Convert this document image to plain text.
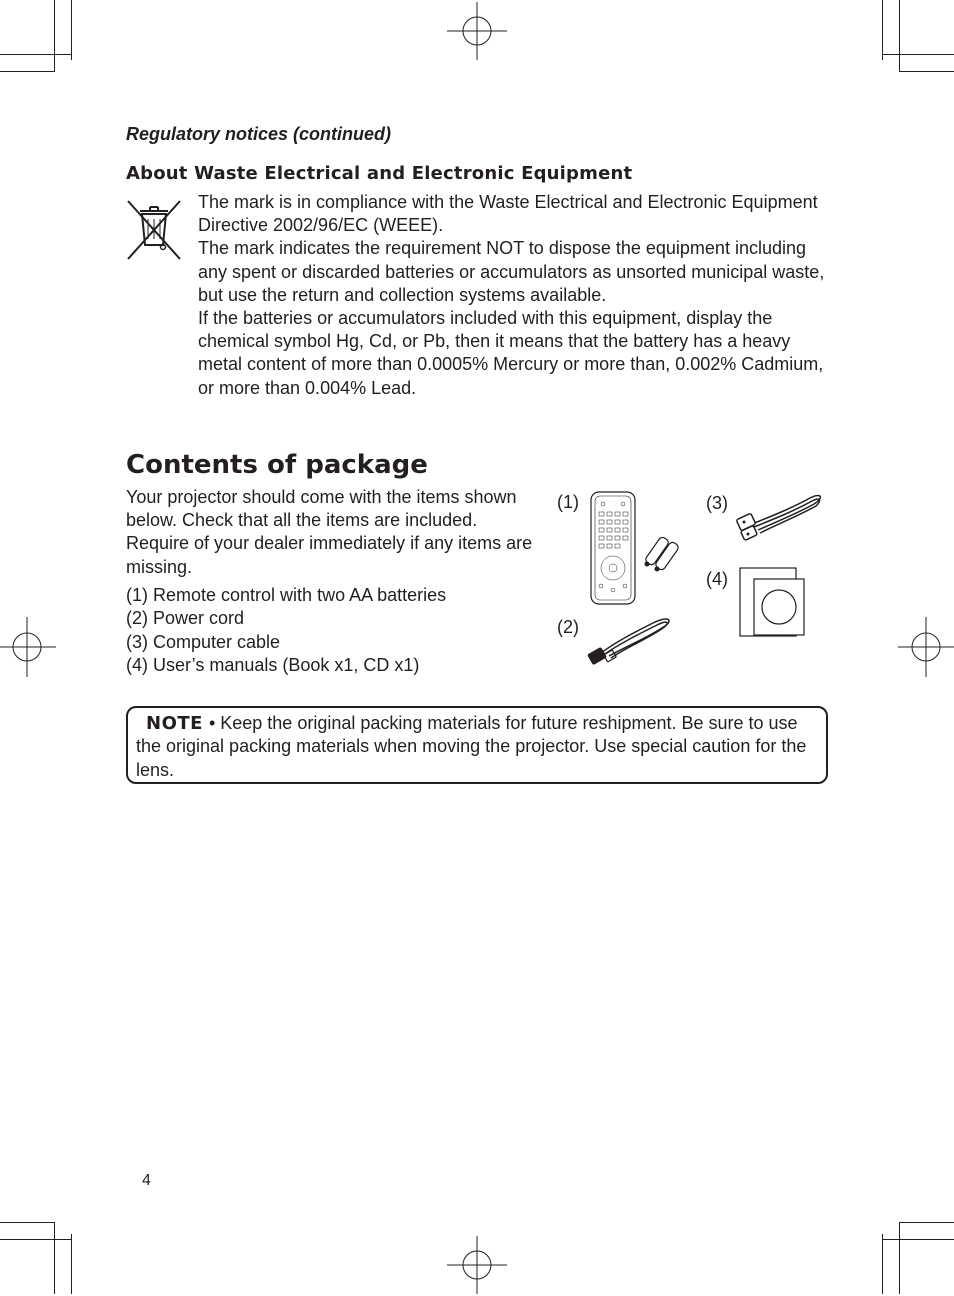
Regulatory notices (continued)
About Waste Electrical and Electronic Equipment

The mark is in compliance with the Waste Electrical and Electronic Equipment Directive 2002/96/EC (WEEE).

The mark indicates the requirement NOT to dispose the equipment including any spent or discarded batteries or accumulators as unsorted municipal waste, but use the return and collection systems available.

If the batteries or accumulators included with this equipment, display the chemical symbol Hg, Cd, or Pb, then it means that the battery has a heavy metal content of more than 0.0005% Mercury or more than, 0.002% Cadmium, or more than 0.004% Lead.

Contents of package
Your projector should come with the items shown below. Check that all the items are included. Require of your dealer immediately if any items are missing.
(1) Remote control with two AA batteries
(2) Power cord
(3) Computer cable
(4) User’s manuals (Book x1, CD x1)
(1)
(2)
(3)
(4)
NOTE • Keep the original packing materials for future reshipment. Be sure to use the original packing materials when moving the projector. Use special caution for the lens.
4
